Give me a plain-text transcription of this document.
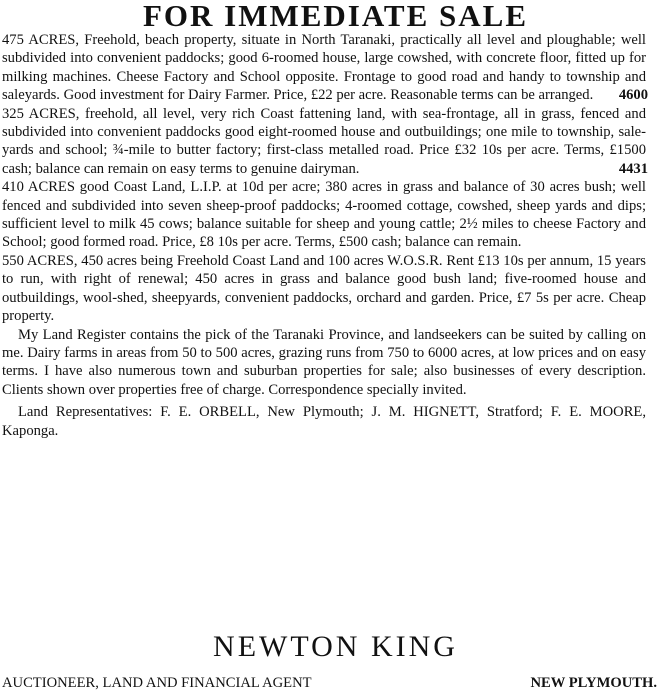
FOR IMMEDIATE SALE
475 ACRES, Freehold, beach property, situate in North Taranaki, practically all level and ploughable; well subdivided into convenient paddocks; good 6-roomed house, large cowshed, with concrete floor, fitted up for milking machines. Cheese Factory and School opposite. Frontage to good road and handy to township and saleyards. Good investment for Dairy Farmer. Price, £22 per acre. Reasonable terms can be arranged.	4600
325 ACRES, freehold, all level, very rich Coast fattening land, with sea-frontage, all in grass, fenced and subdivided into convenient paddocks good eight-roomed house and outbuildings; one mile to township, sale-yards and school; ¾-mile to butter factory; first-class metalled road. Price £32 10s per acre. Terms, £1500 cash; balance can remain on easy terms to genuine dairyman.	4431
410 ACRES good Coast Land, L.I.P. at 10d per acre; 380 acres in grass and balance of 30 acres bush; well fenced and subdivided into seven sheep-proof paddocks; 4-roomed cottage, cowshed, sheep yards and dips; sufficient level to milk 45 cows; balance suitable for sheep and young cattle; 2½ miles to cheese Factory and School; good formed road. Price, £8 10s per acre. Terms, £500 cash; balance can remain.
550 ACRES, 450 acres being Freehold Coast Land and 100 acres W.O.S.R. Rent £13 10s per annum, 15 years to run, with right of renewal; 450 acres in grass and balance good bush land; five-roomed house and outbuildings, wool-shed, sheepyards, convenient paddocks, orchard and garden. Price, £7 5s per acre. Cheap property.

My Land Register contains the pick of the Taranaki Province, and landseekers can be suited by calling on me. Dairy farms in areas from 50 to 500 acres, grazing runs from 750 to 6000 acres, at low prices and on easy terms. I have also numerous town and suburban properties for sale; also businesses of every description. Clients shown over properties free of charge. Correspondence specially invited.

Land Representatives: F. E. ORBELL, New Plymouth; J. M. HIGNETT, Stratford; F. E. MOORE, Kaponga.

NEWTON KING
AUCTIONEER, LAND AND FINANCIAL AGENT	NEW PLYMOUTH.
